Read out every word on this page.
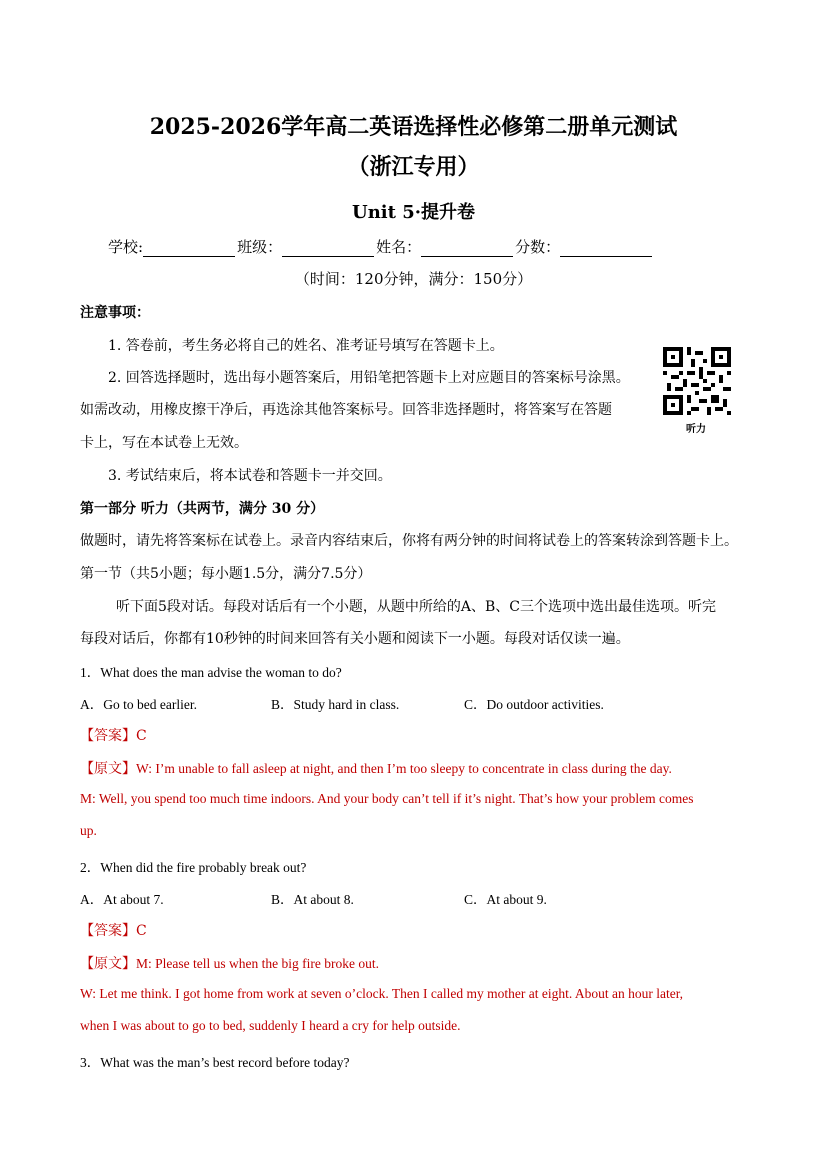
2025-2026学年高二英语选择性必修第二册单元测试
（浙江专用）
Unit 5·提升卷
学校:	班级：	姓名：	分数：
（时间：120分钟，满分：150分）
注意事项：
1. 答卷前，考生务必将自己的姓名、准考证号填写在答题卡上。
2. 回答选择题时，选出每小题答案后，用铅笔把答题卡上对应题目的答案标号涂黑。
如需改动，用橡皮擦干净后，再选涂其他答案标号。回答非选择题时，将答案写在答题
卡上，写在本试卷上无效。
3. 考试结束后，将本试卷和答题卡一并交回。
听力
第一部分 听力（共两节，满分 30 分）
做题时，请先将答案标在试卷上。录音内容结束后，你将有两分钟的时间将试卷上的答案转涂到答题卡上。
第一节（共5小题；每小题1.5分，满分7.5分）
听下面5段对话。每段对话后有一个小题，从题中所给的A、B、C三个选项中选出最佳选项。听完
每段对话后，你都有10秒钟的时间来回答有关小题和阅读下一小题。每段对话仅读一遍。
1．What does the man advise the woman to do?
A．Go to bed earlier.	B．Study hard in class.	C．Do outdoor activities.
【答案】C
【原文】W: I’m unable to fall asleep at night, and then I’m too sleepy to concentrate in class during the day.
M: Well, you spend too much time indoors. And your body can’t tell if it’s night. That’s how your problem comes
up.
2．When did the fire probably break out?
A．At about 7.	B．At about 8.	C．At about 9.
【答案】C
【原文】M: Please tell us when the big fire broke out.
W: Let me think. I got home from work at seven o’clock. Then I called my mother at eight. About an hour later,
when I was about to go to bed, suddenly I heard a cry for help outside.
3．What was the man’s best record before today?
